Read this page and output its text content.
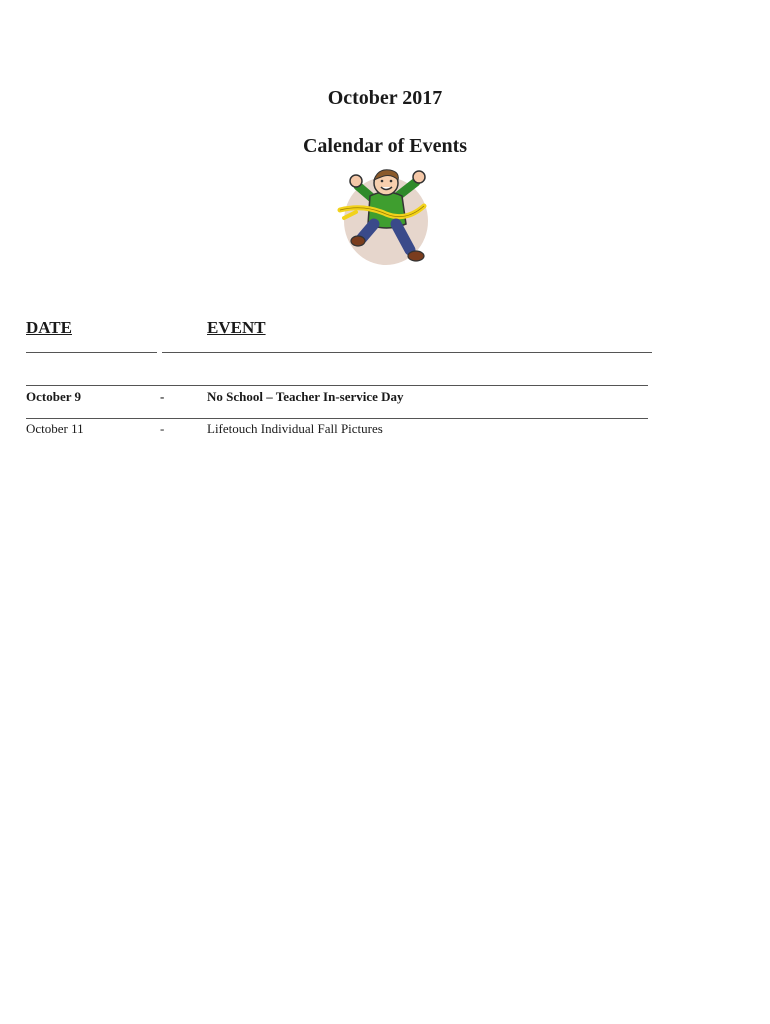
October 2017
Calendar of Events
DATE	EVENT
October 9	-	No School – Teacher In-service Day
October 11	-	Lifetouch Individual Fall Pictures
